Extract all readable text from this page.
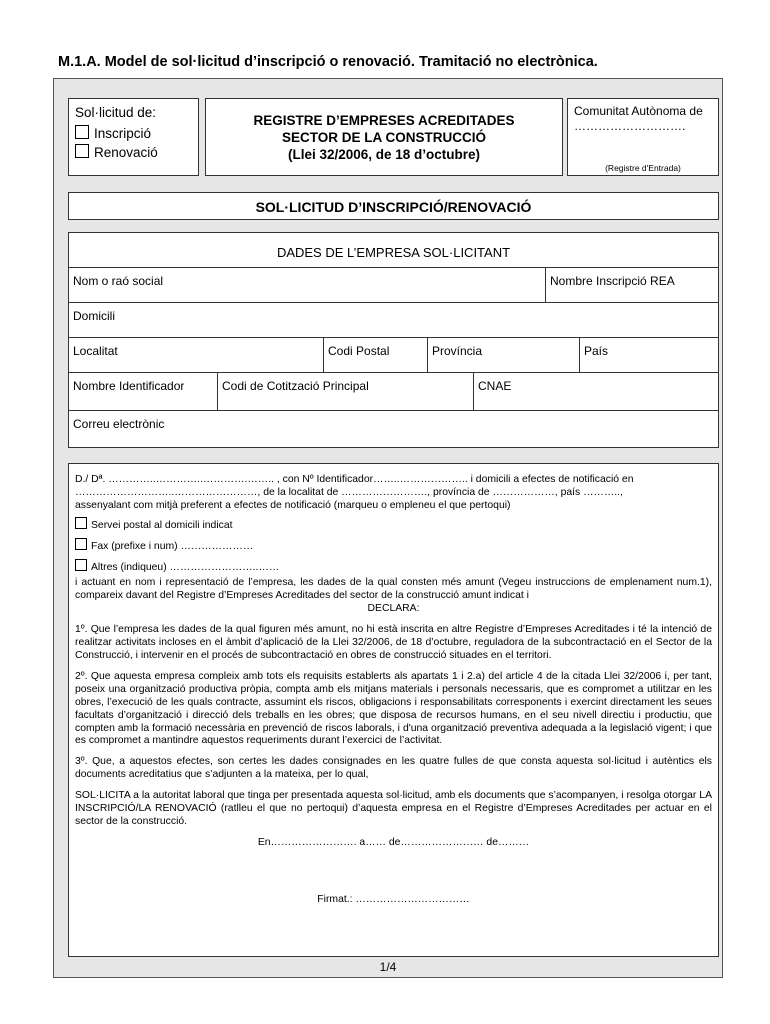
M.1.A. Model de sol·licitud d’inscripció o renovació. Tramitació no electrònica.
Sol·licitud de:
Inscripció
Renovació
REGISTRE D’EMPRESES ACREDITADES
SECTOR DE LA CONSTRUCCIÓ
(Llei 32/2006, de 18 d’octubre)
Comunitat Autònoma de
……………………….
(Registre d'Entrada)
SOL·LICITUD D’INSCRIPCIÓ/RENOVACIÓ
DADES DE L’EMPRESA SOL·LICITANT
Nom o raó social	Nombre Inscripció REA
Domicili
Localitat	Codi Postal	Província	País
Nombre Identificador	Codi de Cotització Principal	CNAE
Correu electrònic
D./ Dª. …………..…………..………….…….. , con Nº Identificador……..……………….. i domicili a efectes de notificació en
………………………..……………………, de la localitat de ……………………., província de ………………, país ………..,
assenyalant com mitjà preferent a efectes de notificació (marqueu o empleneu el que pertoqui)
Servei postal al domicili indicat
Fax (prefixe i num) …………………
Altres (indiqueu) ……………………..……

i actuant en nom i representació de l’empresa, les dades de la qual consten més amunt (Vegeu instruccions de emplenament num.1), compareix davant del Registre d’Empreses Acreditades del sector de la construcció amunt indicat i

DECLARA:

1º. Que l’empresa les dades de la qual figuren més amunt, no hi està inscrita en altre Registre d’Empreses Acreditades i té la intenció de realitzar activitats incloses en el àmbit d’aplicació de la Llei 32/2006, de 18 d’octubre, reguladora de la subcontractació en el Sector de la Construcció, i intervenir en el procés de subcontractació en obres de construcció situades en el territori.

2º. Que aquesta empresa compleix amb tots els requisits establerts als apartats 1 i 2.a) del article 4 de la citada Llei 32/2006 i, per tant, poseix una organització productiva pròpia, compta amb els mitjans materials i personals necessaris, que es compromet a utilitzar en les obres, l’execució de les quals contracte, assumint els riscos, obligacions i responsabilitats corresponents i exercint directament les seues facultats d’organització i direcció dels treballs en les obres; que disposa de recursos humans, en el seu nivell directiu i productiu, que compten amb la formació necessària en prevenció de riscos laborals, i d'una organització preventiva adequada a la legislació vigent; i que es compromet a mantindre aquestos requeriments durant l’exercici de l’activitat.

3º. Que, a aquestos efectes, son certes les dades consignades en les quatre fulles de que consta aquesta sol·licitud i autèntics els documents acreditatius que s’adjunten a la mateixa, per lo qual,

SOL·LICITA a la autoritat laboral que tinga per presentada aquesta sol·licitud, amb els documents que s’acompanyen, i resolga otorgar LA INSCRIPCIÓ/LA RENOVACIÓ (ratlleu el que no pertoqui) d’aquesta empresa en el Registre d’Empreses Acreditades per actuar en el sector de la construcció.

En……………………. a…… de…………………… de………

Firmat.: ……………………………

1/4
